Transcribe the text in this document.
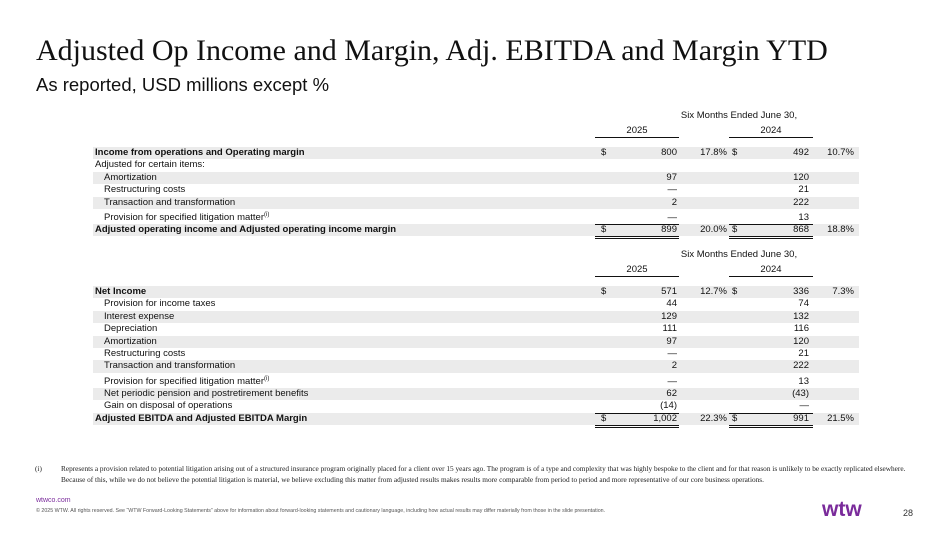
Adjusted Op Income and Margin, Adj. EBITDA and Margin YTD
As reported, USD millions except %
Six Months Ended June 30,
2025	2024
Income from operations and Operating margin	$	800	17.8% $	492	10.7%
Adjusted for certain items:
Amortization	97	120
Restructuring costs	—	21
Transaction and transformation	2	222
Provision for specified litigation matter$^{(i)}$	—	13
Adjusted operating income and Adjusted operating income margin	$	899	20.0% $	868	18.8%
Six Months Ended June 30,
2025	2024
Net Income	$	571	12.7% $	336	7.3%
Provision for income taxes	44	74
Interest expense	129	132
Depreciation	111	116
Amortization	97	120
Restructuring costs	—	21
Transaction and transformation	2	222
Provision for specified litigation matter$^{(i)}$	—	13
Net periodic pension and postretirement benefits	62	(43)
Gain on disposal of operations	(14)	—
Adjusted EBITDA and Adjusted EBITDA Margin	$	1,002	22.3% $	991	21.5%
(i)	Represents a provision related to potential litigation arising out of a structured insurance program originally placed for a client over 15 years ago. The program is of a type and complexity that was highly bespoke to the client and for that reason is unlikely to be exactly replicated elsewhere. Because of this, while we do not believe the potential litigation is material, we believe excluding this matter from adjusted results makes results more comparable from period to period and more representative of our core business operations.
wtwco.com
© 2025 WTW. All rights reserved. See “WTW Forward-Looking Statements” above for information about forward-looking statements and cautionary language, including how actual results may differ materially from those in the slide presentation.	wtw	28
